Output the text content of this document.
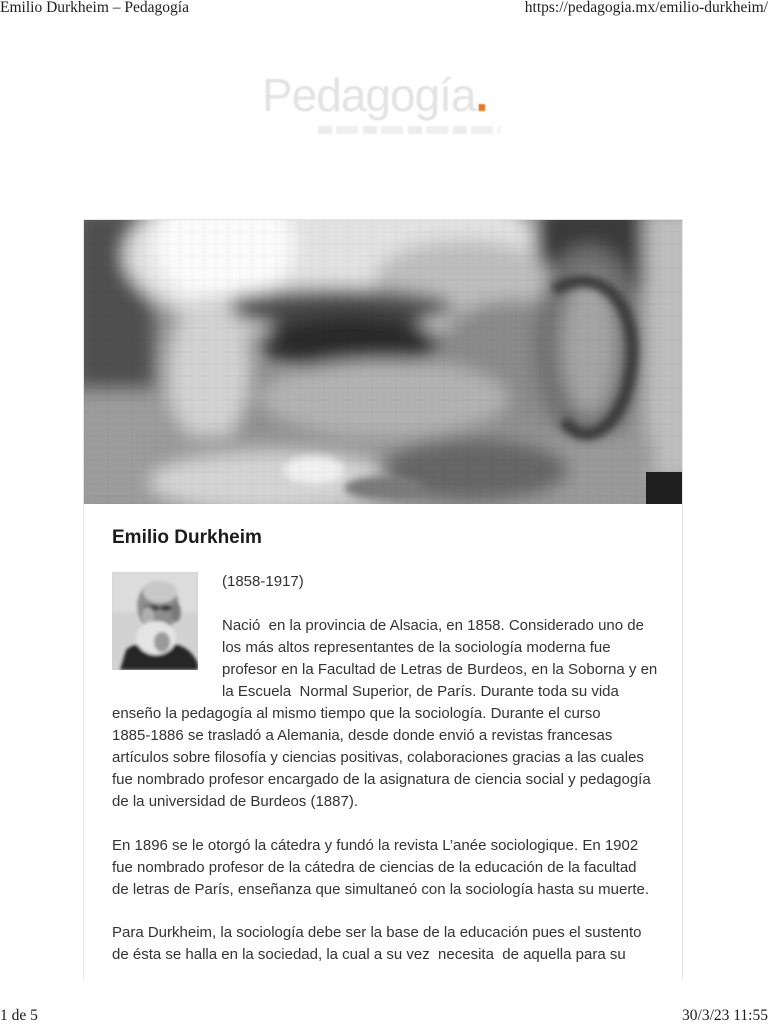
Emilio Durkheim – Pedagogía	https://pedagogia.mx/emilio-durkheim/
Pedagogía.
Emilio Durkheim
(1858-1917)
Nació  en la provincia de Alsacia, en 1858. Considerado uno de
los más altos representantes de la sociología moderna fue
profesor en la Facultad de Letras de Burdeos, en la Soborna y en
la Escuela  Normal Superior, de París. Durante toda su vida
enseño la pedagogía al mismo tiempo que la sociología. Durante el curso
1885-1886 se trasladó a Alemania, desde donde envió a revistas francesas
artículos sobre filosofía y ciencias positivas, colaboraciones gracias a las cuales
fue nombrado profesor encargado de la asignatura de ciencia social y pedagogía
de la universidad de Burdeos (1887).
En 1896 se le otorgó la cátedra y fundó la revista L’anée sociologique. En 1902
fue nombrado profesor de la cátedra de ciencias de la educación de la facultad
de letras de París, enseñanza que simultaneó con la sociología hasta su muerte.
Para Durkheim, la sociología debe ser la base de la educación pues el sustento
de ésta se halla en la sociedad, la cual a su vez  necesita  de aquella para su
1 de 5	30/3/23 11:55
